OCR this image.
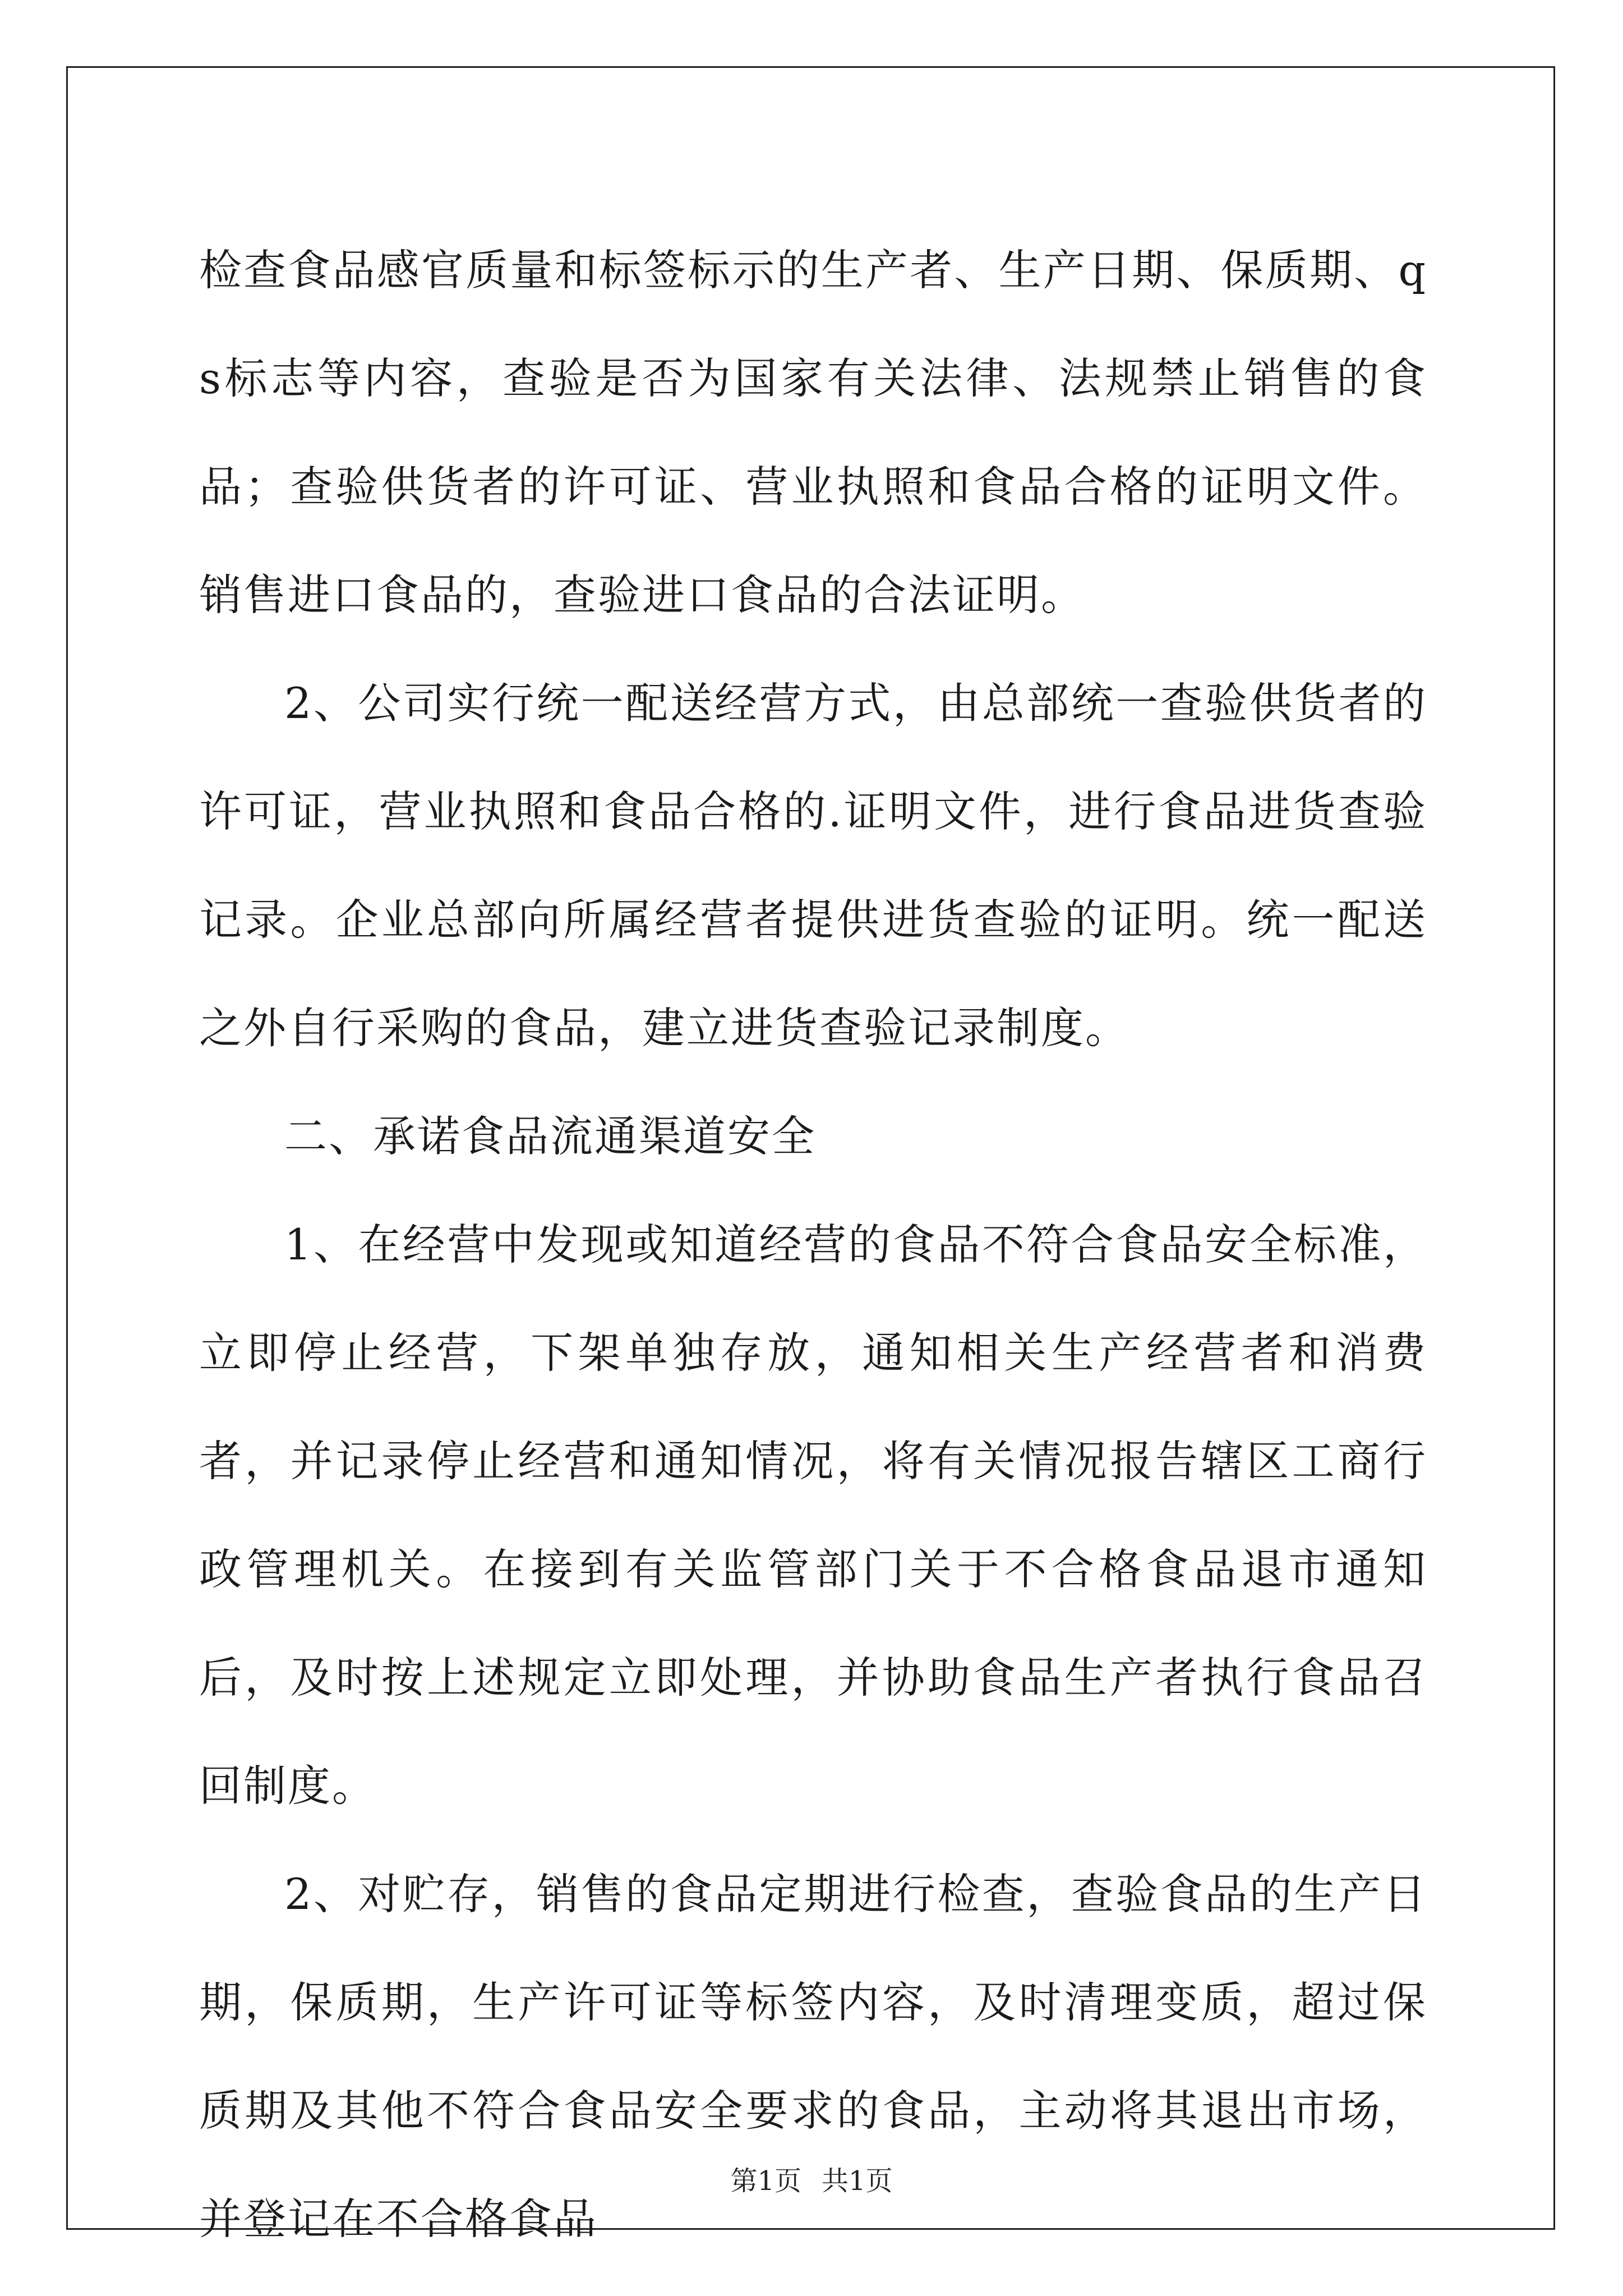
检查食品感官质量和标签标示的生产者、生产日期、保质期、qs标志等内容，查验是否为国家有关法律、法规禁止销售的食品；查验供货者的许可证、营业执照和食品合格的证明文件。销售进口食品的，查验进口食品的合法证明。

2、公司实行统一配送经营方式，由总部统一查验供货者的许可证，营业执照和食品合格的.证明文件，进行食品进货查验记录。企业总部向所属经营者提供进货查验的证明。统一配送之外自行采购的食品，建立进货查验记录制度。

二、承诺食品流通渠道安全

1、在经营中发现或知道经营的食品不符合食品安全标准，立即停止经营，下架单独存放，通知相关生产经营者和消费者，并记录停止经营和通知情况，将有关情况报告辖区工商行政管理机关。在接到有关监管部门关于不合格食品退市通知后，及时按上述规定立即处理，并协助食品生产者执行食品召回制度。

2、对贮存，销售的食品定期进行检查，查验食品的生产日期，保质期，生产许可证等标签内容，及时清理变质，超过保质期及其他不符合食品安全要求的食品，主动将其退出市场，并登记在不合格食品

第1页 共1页
